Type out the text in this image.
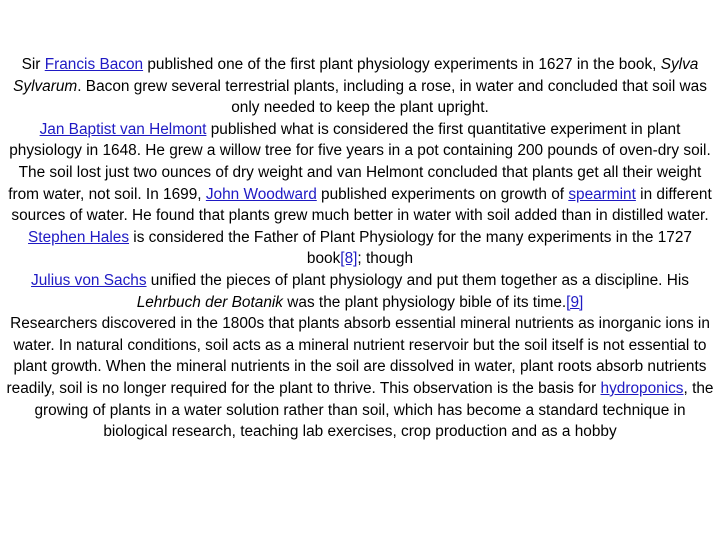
Sir Francis Bacon published one of the first plant physiology experiments in 1627 in the book, Sylva Sylvarum. Bacon grew several terrestrial plants, including a rose, in water and concluded that soil was only needed to keep the plant upright.
Jan Baptist van Helmont published what is considered the first quantitative experiment in plant physiology in 1648. He grew a willow tree for five years in a pot containing 200 pounds of oven-dry soil. The soil lost just two ounces of dry weight and van Helmont concluded that plants get all their weight from water, not soil. In 1699, John Woodward published experiments on growth of spearmint in different sources of water. He found that plants grew much better in water with soil added than in distilled water.
Stephen Hales is considered the Father of Plant Physiology for the many experiments in the 1727 book[8]; though
Julius von Sachs unified the pieces of plant physiology and put them together as a discipline. His Lehrbuch der Botanik was the plant physiology bible of its time.[9]
Researchers discovered in the 1800s that plants absorb essential mineral nutrients as inorganic ions in water. In natural conditions, soil acts as a mineral nutrient reservoir but the soil itself is not essential to plant growth. When the mineral nutrients in the soil are dissolved in water, plant roots absorb nutrients readily, soil is no longer required for the plant to thrive. This observation is the basis for hydroponics, the growing of plants in a water solution rather than soil, which has become a standard technique in biological research, teaching lab exercises, crop production and as a hobby
